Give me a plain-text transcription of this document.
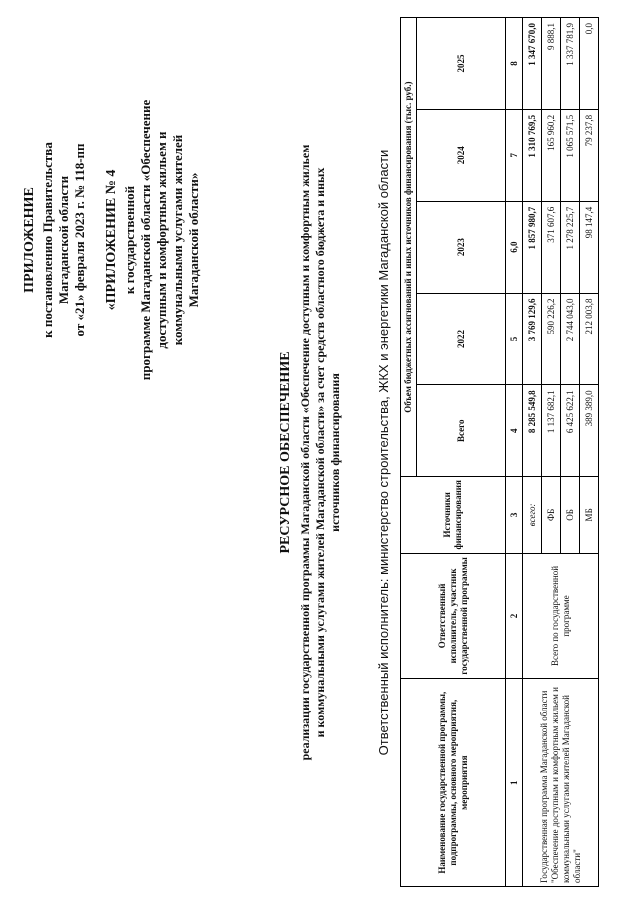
ПРИЛОЖЕНИЕ к постановлению Правительства Магаданской области от «21» февраля 2023 г. № 118-пп «ПРИЛОЖЕНИЕ № 4 к государственной программе Магаданской области «Обеспечение доступным и комфортным жильем и коммунальными услугами жителей Магаданской области»
РЕСУРСНОЕ ОБЕСПЕЧЕНИЕ реализации государственной программы Магаданской области «Обеспечение доступным и комфортным жильем и коммунальными услугами жителей Магаданской области» за счет средств областного бюджета и иных источников финансирования	Ответственный исполнитель: министерство строительства, ЖКХ и энергетики Магаданской области
Наименование государственной программы, подпрограммы, основного мероприятия, мероприятия	Ответственный исполнитель, участник государственной программы	Источники финансирования	Объем бюджетных ассигнований и иных источников финансирования (тыс. руб.)				
			Всего	2022	2023	2024	2025
1	2	3	4	5	6,0	7	8
Государственная программа Магаданской области "Обеспечение доступным и комфортным жильем и коммунальными услугами жителей Магаданской области"	Всего по государственной программе	всего:	8 285 549,8	3 769 129,6	1 857 980,7	1 310 769,5	1 347 670,0
		ФБ	1 137 682,1	590 226,2	371 607,6	165 960,2	9 888,1
		ОБ	6 425 622,1	2 744 043,0	1 278 225,7	1 065 571,5	1 337 781,9
		МБ	389 389,0	212 003,8	98 147,4	79 237,8	0,0
